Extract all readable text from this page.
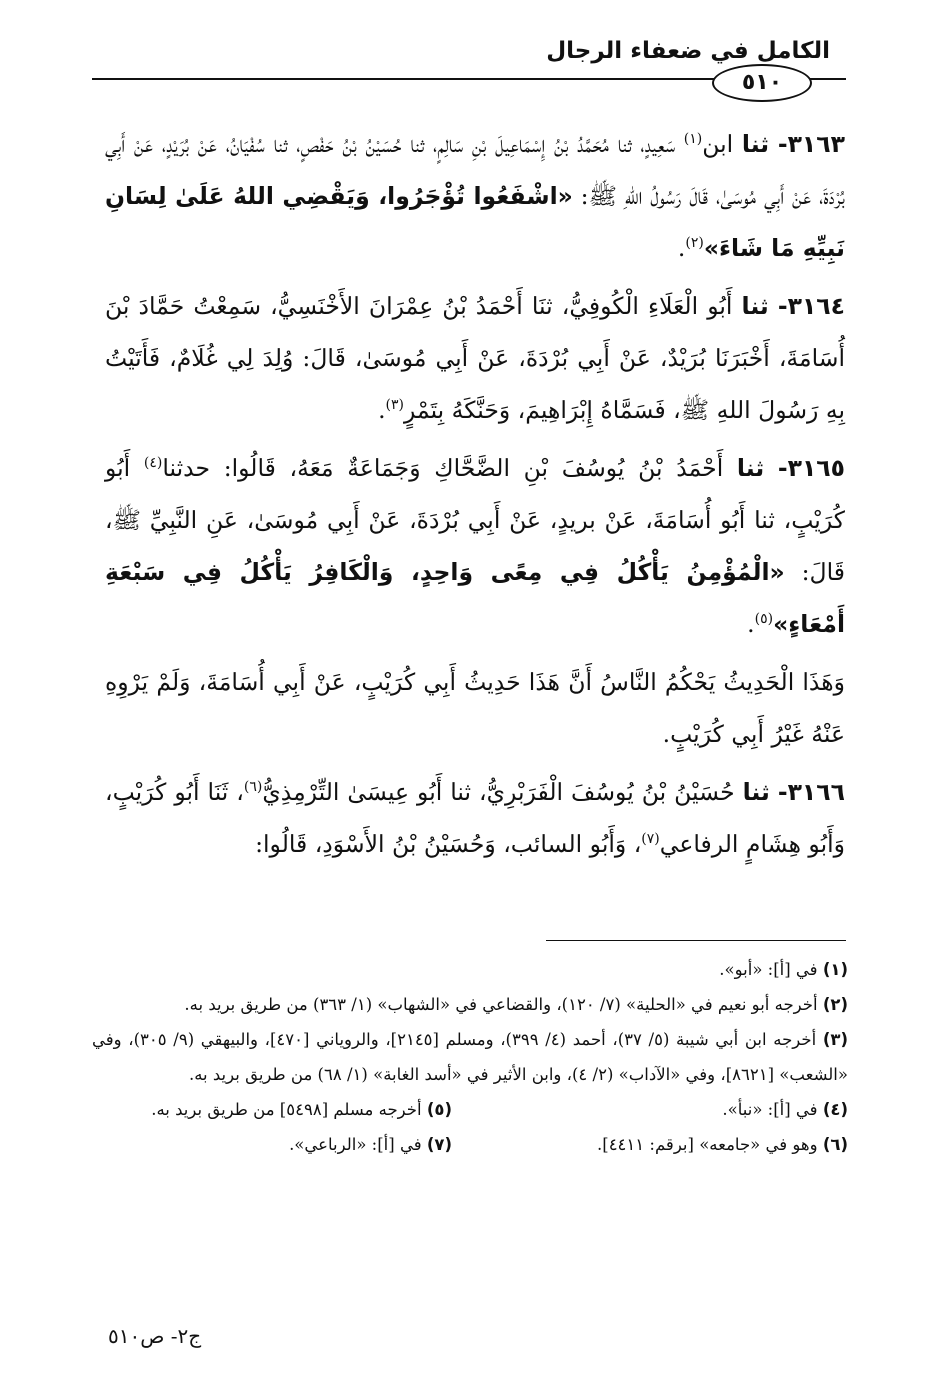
الكامل في ضعفاء الرجال
٥١٠

٣١٦٣- ثنا ابن$^{(١)}$ سَعِيدٍ، ثنا مُحَمَّدُ بْنُ إِسْمَاعِيلَ بْنِ سَالِمٍ، ثنا حُسَيْنُ بْنُ حَفْصٍ، ثنا سُفْيَانُ، عَنْ بُرَيْدٍ، عَنْ أَبِي بُرْدَةَ، عَنْ أَبِي مُوسَىٰ، قَالَ رَسُولُ اللهِ ﷺ: «اشْفَعُوا تُؤْجَرُوا، وَيَقْضِي اللهُ عَلَىٰ لِسَانِ نَبِيِّهِ مَا شَاءَ»$^{(٢)}$.

٣١٦٤- ثنا أَبُو الْعَلَاءِ الْكُوفِيُّ، ثنَا أَحْمَدُ بْنُ عِمْرَانَ الأَخْنَسِيُّ، سَمِعْتُ حَمَّادَ بْنَ أُسَامَةَ، أَخْبَرَنَا بُرَيْدٌ، عَنْ أَبِي بُرْدَةَ، عَنْ أَبِي مُوسَىٰ، قَالَ: وُلِدَ لِي غُلَامٌ، فَأَتَيْتُ بِهِ رَسُولَ اللهِ ﷺ، فَسَمَّاهُ إِبْرَاهِيمَ، وَحَنَّكَهُ بِتَمْرٍ$^{(٣)}$.

٣١٦٥- ثنا أَحْمَدُ بْنُ يُوسُفَ بْنِ الضَّحَّاكِ وَجَمَاعَةٌ مَعَهُ، قَالُوا: حدثنا$^{(٤)}$ أَبُو كُرَيْبٍ، ثنا أَبُو أُسَامَةَ، عَنْ بريدٍ، عَنْ أَبِي بُرْدَةَ، عَنْ أَبِي مُوسَىٰ، عَنِ النَّبِيِّ ﷺ، قَالَ: «الْمُؤْمِنُ يَأْكُلُ فِي مِعًى وَاحِدٍ، وَالْكَافِرُ يَأْكُلُ فِي سَبْعَةِ أَمْعَاءٍ»$^{(٥)}$.

وَهَذَا الْحَدِيثُ يَحْكُمُ النَّاسُ أَنَّ هَذَا حَدِيثُ أَبِي كُرَيْبٍ، عَنْ أَبِي أُسَامَةَ، وَلَمْ يَرْوِهِ عَنْهُ غَيْرُ أَبِي كُرَيْبٍ.

٣١٦٦- ثنا حُسَيْنُ بْنُ يُوسُفَ الْفَرَبْرِيُّ، ثنا أَبُو عِيسَىٰ التِّرْمِذِيُّ$^{(٦)}$، ثَنَا أَبُو كُرَيْبٍ، وَأَبُو هِشَامٍ الرفاعي$^{(٧)}$، وَأَبُو السائب، وَحُسَيْنُ بْنُ الأَسْوَدِ، قَالُوا:

(١) في [أ]: «أبو».

(٢) أخرجه أبو نعيم في «الحلية» (٧/ ١٢٠)، والقضاعي في «الشهاب» (١/ ٣٦٣) من طريق بريد به.

(٣) أخرجه ابن أبي شيبة (٥/ ٣٧)، أحمد (٤/ ٣٩٩)، ومسلم [٢١٤٥]، والروياني [٤٧٠]، والبيهقي (٩/ ٣٠٥)، وفي «الشعب» [٨٦٢١]، وفي «الآداب» (٢/ ٤)، وابن الأثير في «أسد الغابة» (١/ ٦٨) من طريق بريد به.

(٤) في [أ]: «نبأ».

(٥) أخرجه مسلم [٥٤٩٨] من طريق بريد به.

(٦) وهو في «جامعه» [برقم: ٤٤١١].

(٧) في [أ]: «الرباعي».

ج٢- ص٥١٠
